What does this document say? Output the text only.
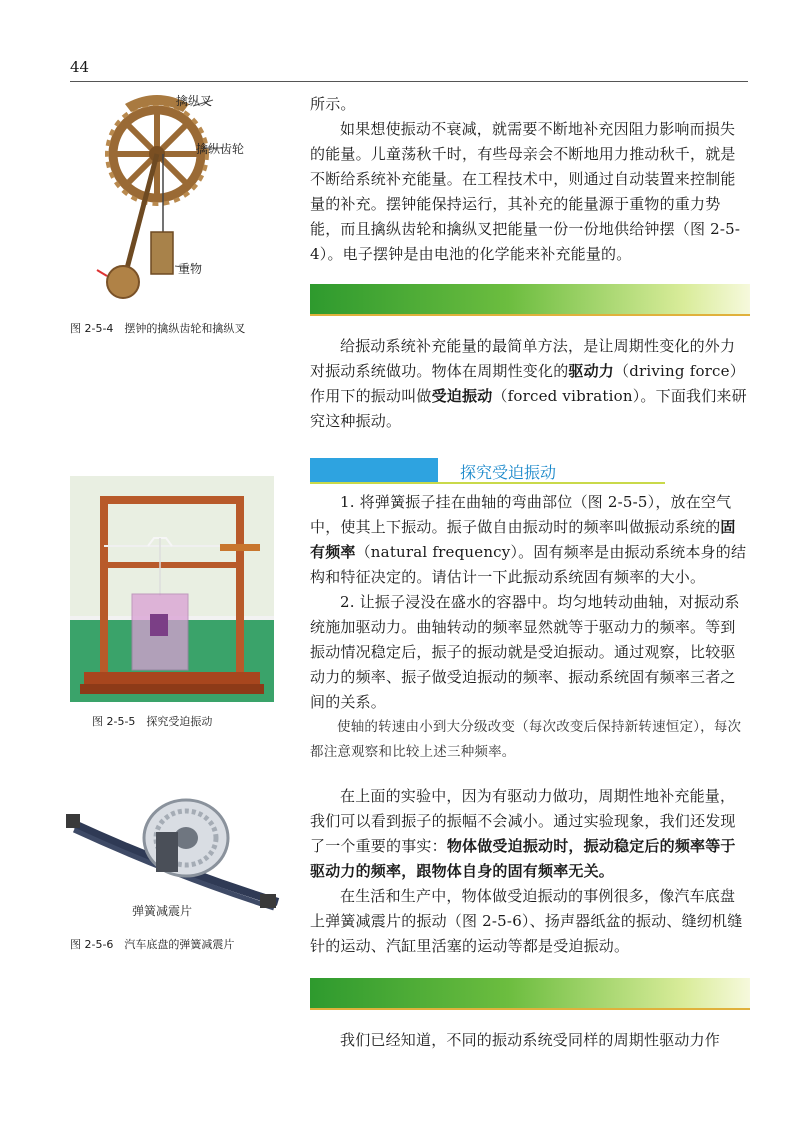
44
擒纵叉
擒纵齿轮
重物
图 2-5-4　摆钟的擒纵齿轮和擒纵叉
图 2-5-5　探究受迫振动
弹簧减震片
图 2-5-6　汽车底盘的弹簧减震片

所示。

如果想使振动不衰减，就需要不断地补充因阻力影响而损失的能量。儿童荡秋千时，有些母亲会不断地用力推动秋千，就是不断给系统补充能量。在工程技术中，则通过自动装置来控制能量的补充。摆钟能保持运行，其补充的能量源于重物的重力势能，而且擒纵齿轮和擒纵叉把能量一份一份地供给钟摆（图 2-5-4）。电子摆钟是由电池的化学能来补充能量的。

给振动系统补充能量的最简单方法，是让周期性变化的外力对振动系统做功。物体在周期性变化的驱动力（driving force）作用下的振动叫做受迫振动（forced vibration）。下面我们来研究这种振动。

探究受迫振动

1. 将弹簧振子挂在曲轴的弯曲部位（图 2-5-5），放在空气中，使其上下振动。振子做自由振动时的频率叫做振动系统的固有频率（natural frequency）。固有频率是由振动系统本身的结构和特征决定的。请估计一下此振动系统固有频率的大小。

2. 让振子浸没在盛水的容器中。均匀地转动曲轴，对振动系统施加驱动力。曲轴转动的频率显然就等于驱动力的频率。等到振动情况稳定后，振子的振动就是受迫振动。通过观察，比较驱动力的频率、振子做受迫振动的频率、振动系统固有频率三者之间的关系。

使轴的转速由小到大分级改变（每次改变后保持新转速恒定），每次都注意观察和比较上述三种频率。

在上面的实验中，因为有驱动力做功，周期性地补充能量，我们可以看到振子的振幅不会减小。通过实验现象，我们还发现了一个重要的事实：物体做受迫振动时，振动稳定后的频率等于驱动力的频率，跟物体自身的固有频率无关。

在生活和生产中，物体做受迫振动的事例很多，像汽车底盘上弹簧减震片的振动（图 2-5-6）、扬声器纸盆的振动、缝纫机缝针的运动、汽缸里活塞的运动等都是受迫振动。

我们已经知道，不同的振动系统受同样的周期性驱动力作
